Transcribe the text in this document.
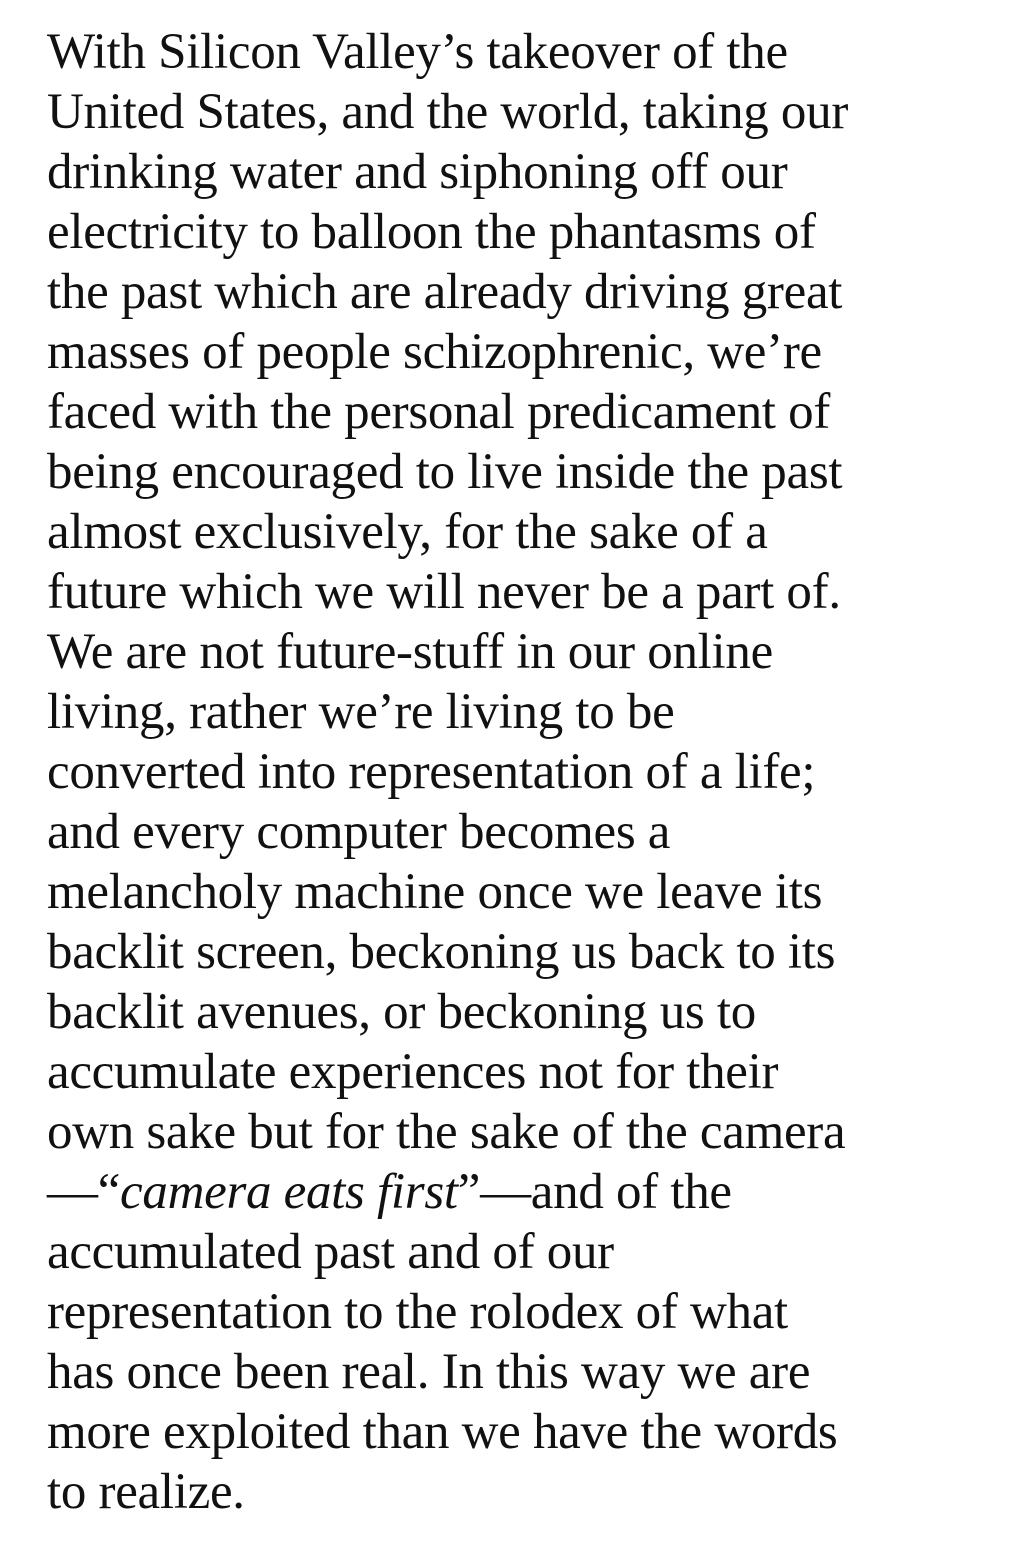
With Silicon Valley’s takeover of the
United States, and the world, taking our
drinking water and siphoning off our
electricity to balloon the phantasms of
the past which are already driving great
masses of people schizophrenic, we’re
faced with the personal predicament of
being encouraged to live inside the past
almost exclusively, for the sake of a
future which we will never be a part of.
We are not future-stuff in our online
living, rather we’re living to be
converted into representation of a life;
and every computer becomes a
melancholy machine once we leave its
backlit screen, beckoning us back to its
backlit avenues, or beckoning us to
accumulate experiences not for their
own sake but for the sake of the camera
—“camera eats first”—and of the
accumulated past and of our
representation to the rolodex of what
has once been real. In this way we are
more exploited than we have the words
to realize.
